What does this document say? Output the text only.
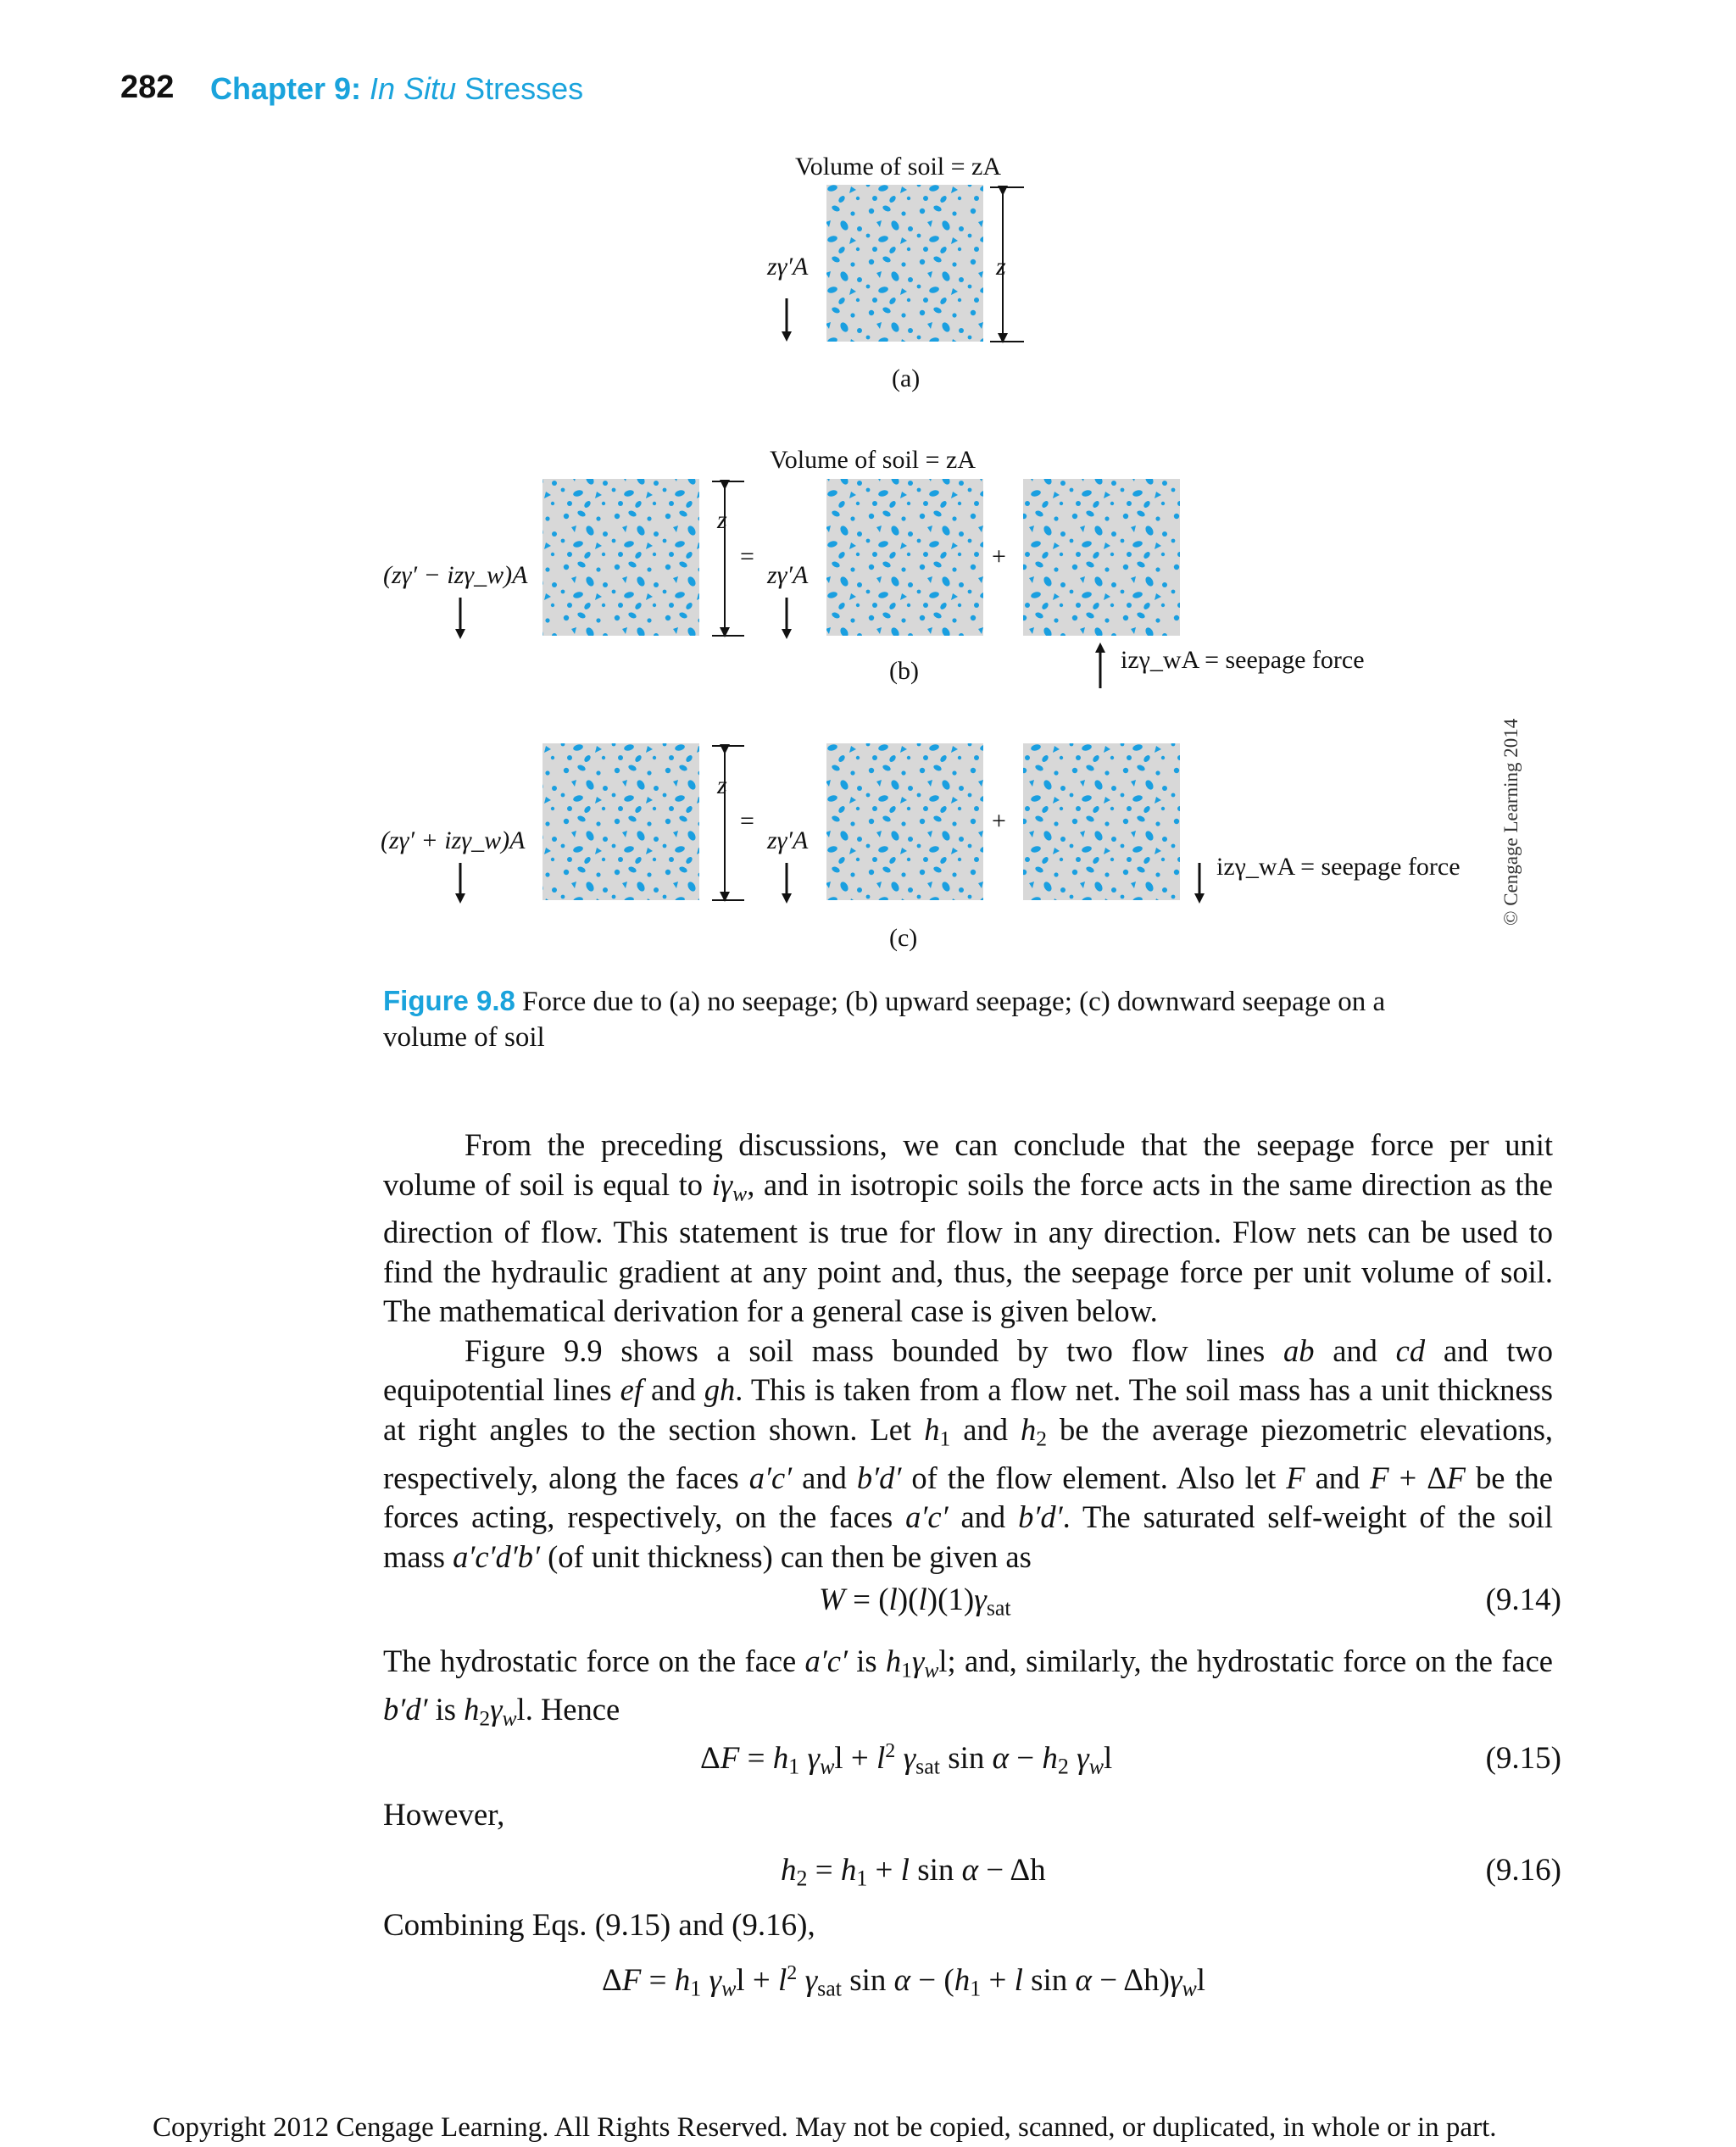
282 Chapter 9: In Situ Stresses
Volume of soil = zA
zγ′A	z
(a)
Volume of soil = zA
(zγ′ − izγ_w)A
z
=
zγ′A
+
izγ_wA = seepage force
(b)
(zγ′ + izγ_w)A
z
=
zγ′A
+
izγ_wA = seepage force
(c)
© Cengage Learning 2014
Figure 9.8 Force due to (a) no seepage; (b) upward seepage; (c) downward seepage on a volume of soil

From the preceding discussions, we can conclude that the seepage force per unit volume of soil is equal to $i\gamma_w$, and in isotropic soils the force acts in the same direction as the direction of flow. This statement is true for flow in any direction. Flow nets can be used to find the hydraulic gradient at any point and, thus, the seepage force per unit volume of soil. The mathematical derivation for a general case is given below.

Figure 9.9 shows a soil mass bounded by two flow lines ab and cd and two equipotential lines ef and gh. This is taken from a flow net. The soil mass has a unit thickness at right angles to the section shown. Let $h_1$ and $h_2$ be the average piezometric elevations, respectively, along the faces a′c′ and b′d′ of the flow element. Also let F and F + ΔF be the forces acting, respectively, on the faces a′c′ and b′d′. The saturated self-weight of the soil mass a′c′d′b′ (of unit thickness) can then be given as

$W = (l)(l)(1)\gamma_{sat}$	(9.14)

The hydrostatic force on the face a′c′ is $h_1\gamma_wl$; and, similarly, the hydrostatic force on the face b′d′ is $h_2\gamma_wl$. Hence

$\Delta F = h_1$ $\gamma_wl + l^2$ $\gamma_{sat}$ $\sin \alpha - h_2$ $\gamma_wl$	(9.15)
However,
$h_2 = h_1 + l$ sin α − Δh	(9.16)
Combining Eqs. (9.15) and (9.16),
$\Delta F = h_1$ $\gamma_wl + l^2$ $\gamma_{sat}$ $\sin \alpha - (h_1 + l$ $\sin \alpha - \Delta h)\gamma_wl$
Copyright 2012 Cengage Learning. All Rights Reserved. May not be copied, scanned, or duplicated, in whole or in part.
